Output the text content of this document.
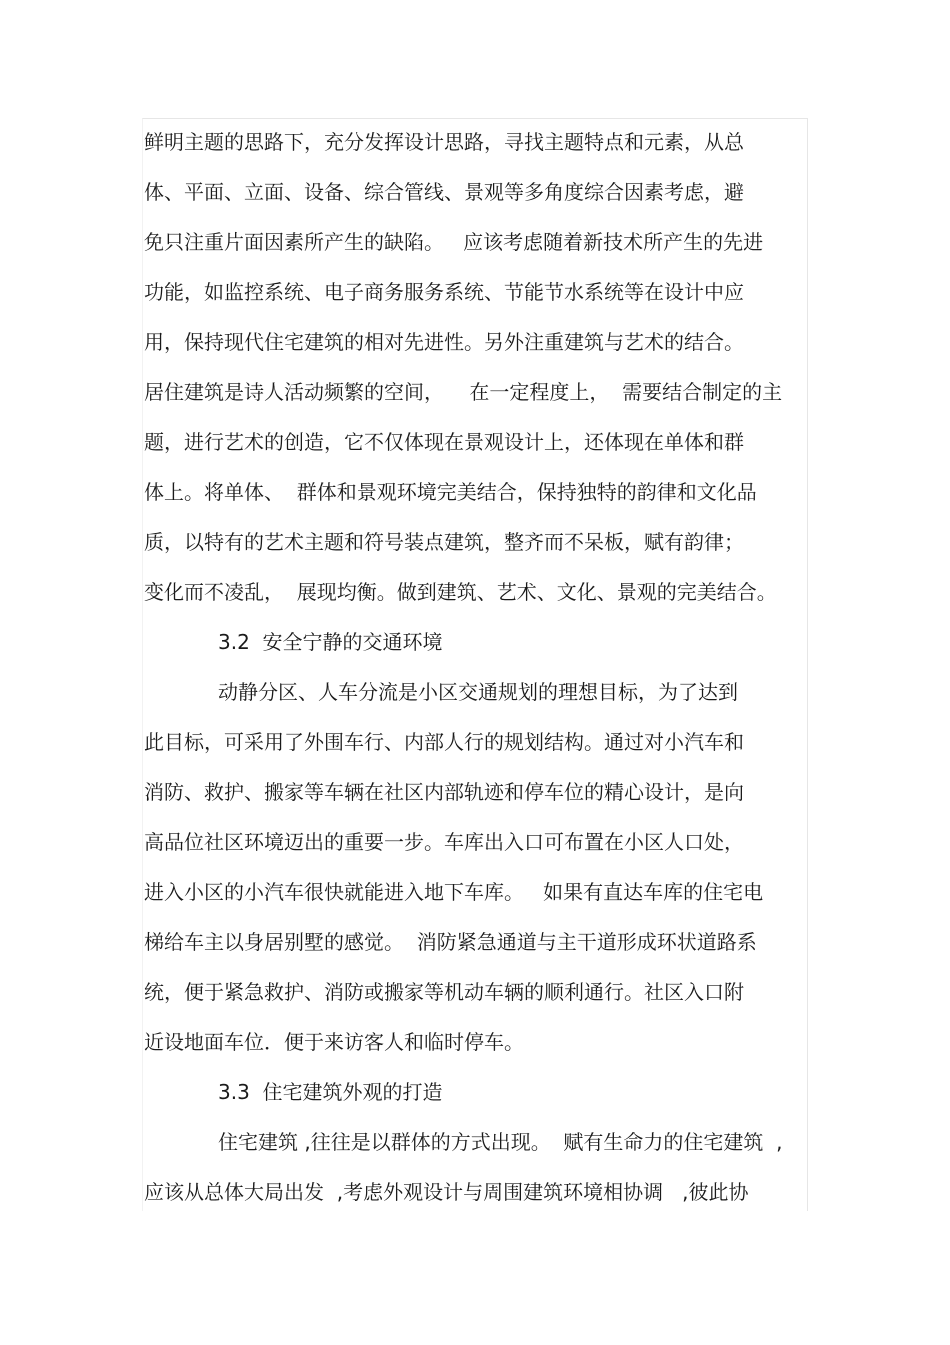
鲜明主题的思路下，充分发挥设计思路，寻找主题特点和元素，从总
体、平面、立面、设备、综合管线、景观等多角度综合因素考虑，避
免只注重片面因素所产生的缺陷。   应该考虑随着新技术所产生的先进
功能，如监控系统、电子商务服务系统、节能节水系统等在设计中应
用，保持现代住宅建筑的相对先进性。另外注重建筑与艺术的结合。
居住建筑是诗人活动频繁的空间，    在一定程度上，  需要结合制定的主
题，进行艺术的创造，它不仅体现在景观设计上，还体现在单体和群
体上。将单体、  群体和景观环境完美结合，保持独特的韵律和文化品
质，以特有的艺术主题和符号装点建筑，整齐而不呆板，赋有韵律；
变化而不凌乱，  展现均衡。做到建筑、艺术、文化、景观的完美结合。
3.2  安全宁静的交通环境
动静分区、人车分流是小区交通规划的理想目标，为了达到
此目标，可采用了外围车行、内部人行的规划结构。通过对小汽车和
消防、救护、搬家等车辆在社区内部轨迹和停车位的精心设计，是向
高品位社区环境迈出的重要一步。车库出入口可布置在小区人口处，
进入小区的小汽车很快就能进入地下车库。   如果有直达车库的住宅电
梯给车主以身居别墅的感觉。  消防紧急通道与主干道形成环状道路系
统，便于紧急救护、消防或搬家等机动车辆的顺利通行。社区入口附
近设地面车位．便于来访客人和临时停车。
3.3  住宅建筑外观的打造
住宅建筑 ,往往是以群体的方式出现。  赋有生命力的住宅建筑  ,
应该从总体大局出发  ,考虑外观设计与周围建筑环境相协调   ,彼此协
